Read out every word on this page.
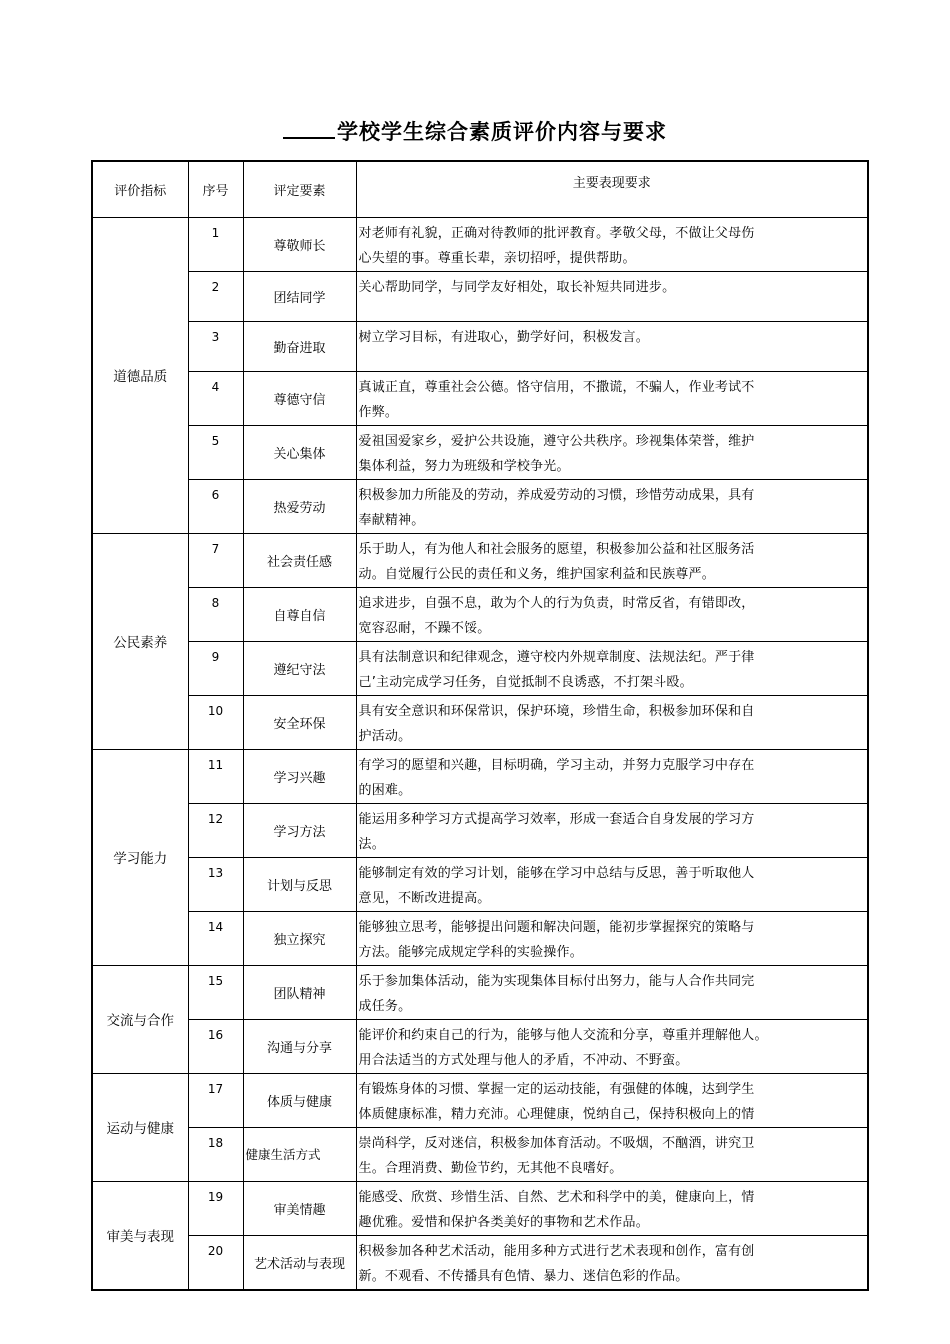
学校学生综合素质评价内容与要求
评价指标	序号	评定要素	主要表现要求
道德品质	1	尊敬师长	对老师有礼貌，正确对待教师的批评教育。孝敬父母，不做让父母伤
心失望的事。尊重长辈，亲切招呼，提供帮助。

	2	团结同学	关心帮助同学，与同学友好相处，取长补短共同进步。

	3	勤奋进取	树立学习目标，有进取心，勤学好问，积极发言。

	4	尊德守信	真诚正直，尊重社会公德。恪守信用，不撒谎，不骗人，作业考试不
作弊。

	5	关心集体	爱祖国爱家乡，爱护公共设施，遵守公共秩序。珍视集体荣誉，维护
集体利益，努力为班级和学校争光。

	6	热爱劳动	积极参加力所能及的劳动，养成爱劳动的习惯，珍惜劳动成果，具有
奉献精神。

公民素养	7	社会责任感	乐于助人，有为他人和社会服务的愿望，积极参加公益和社区服务活
动。自觉履行公民的责任和义务，维护国家利益和民族尊严。

	8	自尊自信	追求进步，自强不息，敢为个人的行为负责，时常反省，有错即改，
宽容忍耐，不躁不馁。

	9	遵纪守法	具有法制意识和纪律观念，遵守校内外规章制度、法规法纪。严于律
己’主动完成学习任务，自觉抵制不良诱惑，不打架斗殴。

	10	安全环保	具有安全意识和环保常识，保护环境，珍惜生命，积极参加环保和自
护活动。

学习能力	11	学习兴趣	有学习的愿望和兴趣，目标明确，学习主动，并努力克服学习中存在
的困难。

	12	学习方法	能运用多种学习方式提高学习效率，形成一套适合自身发展的学习方
法。

	13	计划与反思	能够制定有效的学习计划，能够在学习中总结与反思，善于听取他人
意见，不断改进提高。

	14	独立探究	能够独立思考，能够提出问题和解决问题，能初步掌握探究的策略与
方法。能够完成规定学科的实验操作。

交流与合作	15	团队精神	乐于参加集体活动，能为实现集体目标付出努力，能与人合作共同完
成任务。

	16	沟通与分享	能评价和约束自己的行为，能够与他人交流和分享，尊重并理解他人。
用合法适当的方式处理与他人的矛盾，不冲动、不野蛮。

运动与健康	17	体质与健康	有锻炼身体的习惯、掌握一定的运动技能，有强健的体魄，达到学生
体质健康标准，精力充沛。心理健康，悦纳自己，保持积极向上的情

	18	健康生活方式	崇尚科学，反对迷信，积极参加体育活动。不吸烟，不酗酒，讲究卫
生。合理消费、勤俭节约，无其他不良嗜好。

审美与表现	19	审美情趣	能感受、欣赏、珍惜生活、自然、艺术和科学中的美，健康向上，情
趣优雅。爱惜和保护各类美好的事物和艺术作品。

	20	艺术活动与表现	积极参加各种艺术活动，能用多种方式进行艺术表现和创作，富有创
新。不观看、不传播具有色情、暴力、迷信色彩的作品。
